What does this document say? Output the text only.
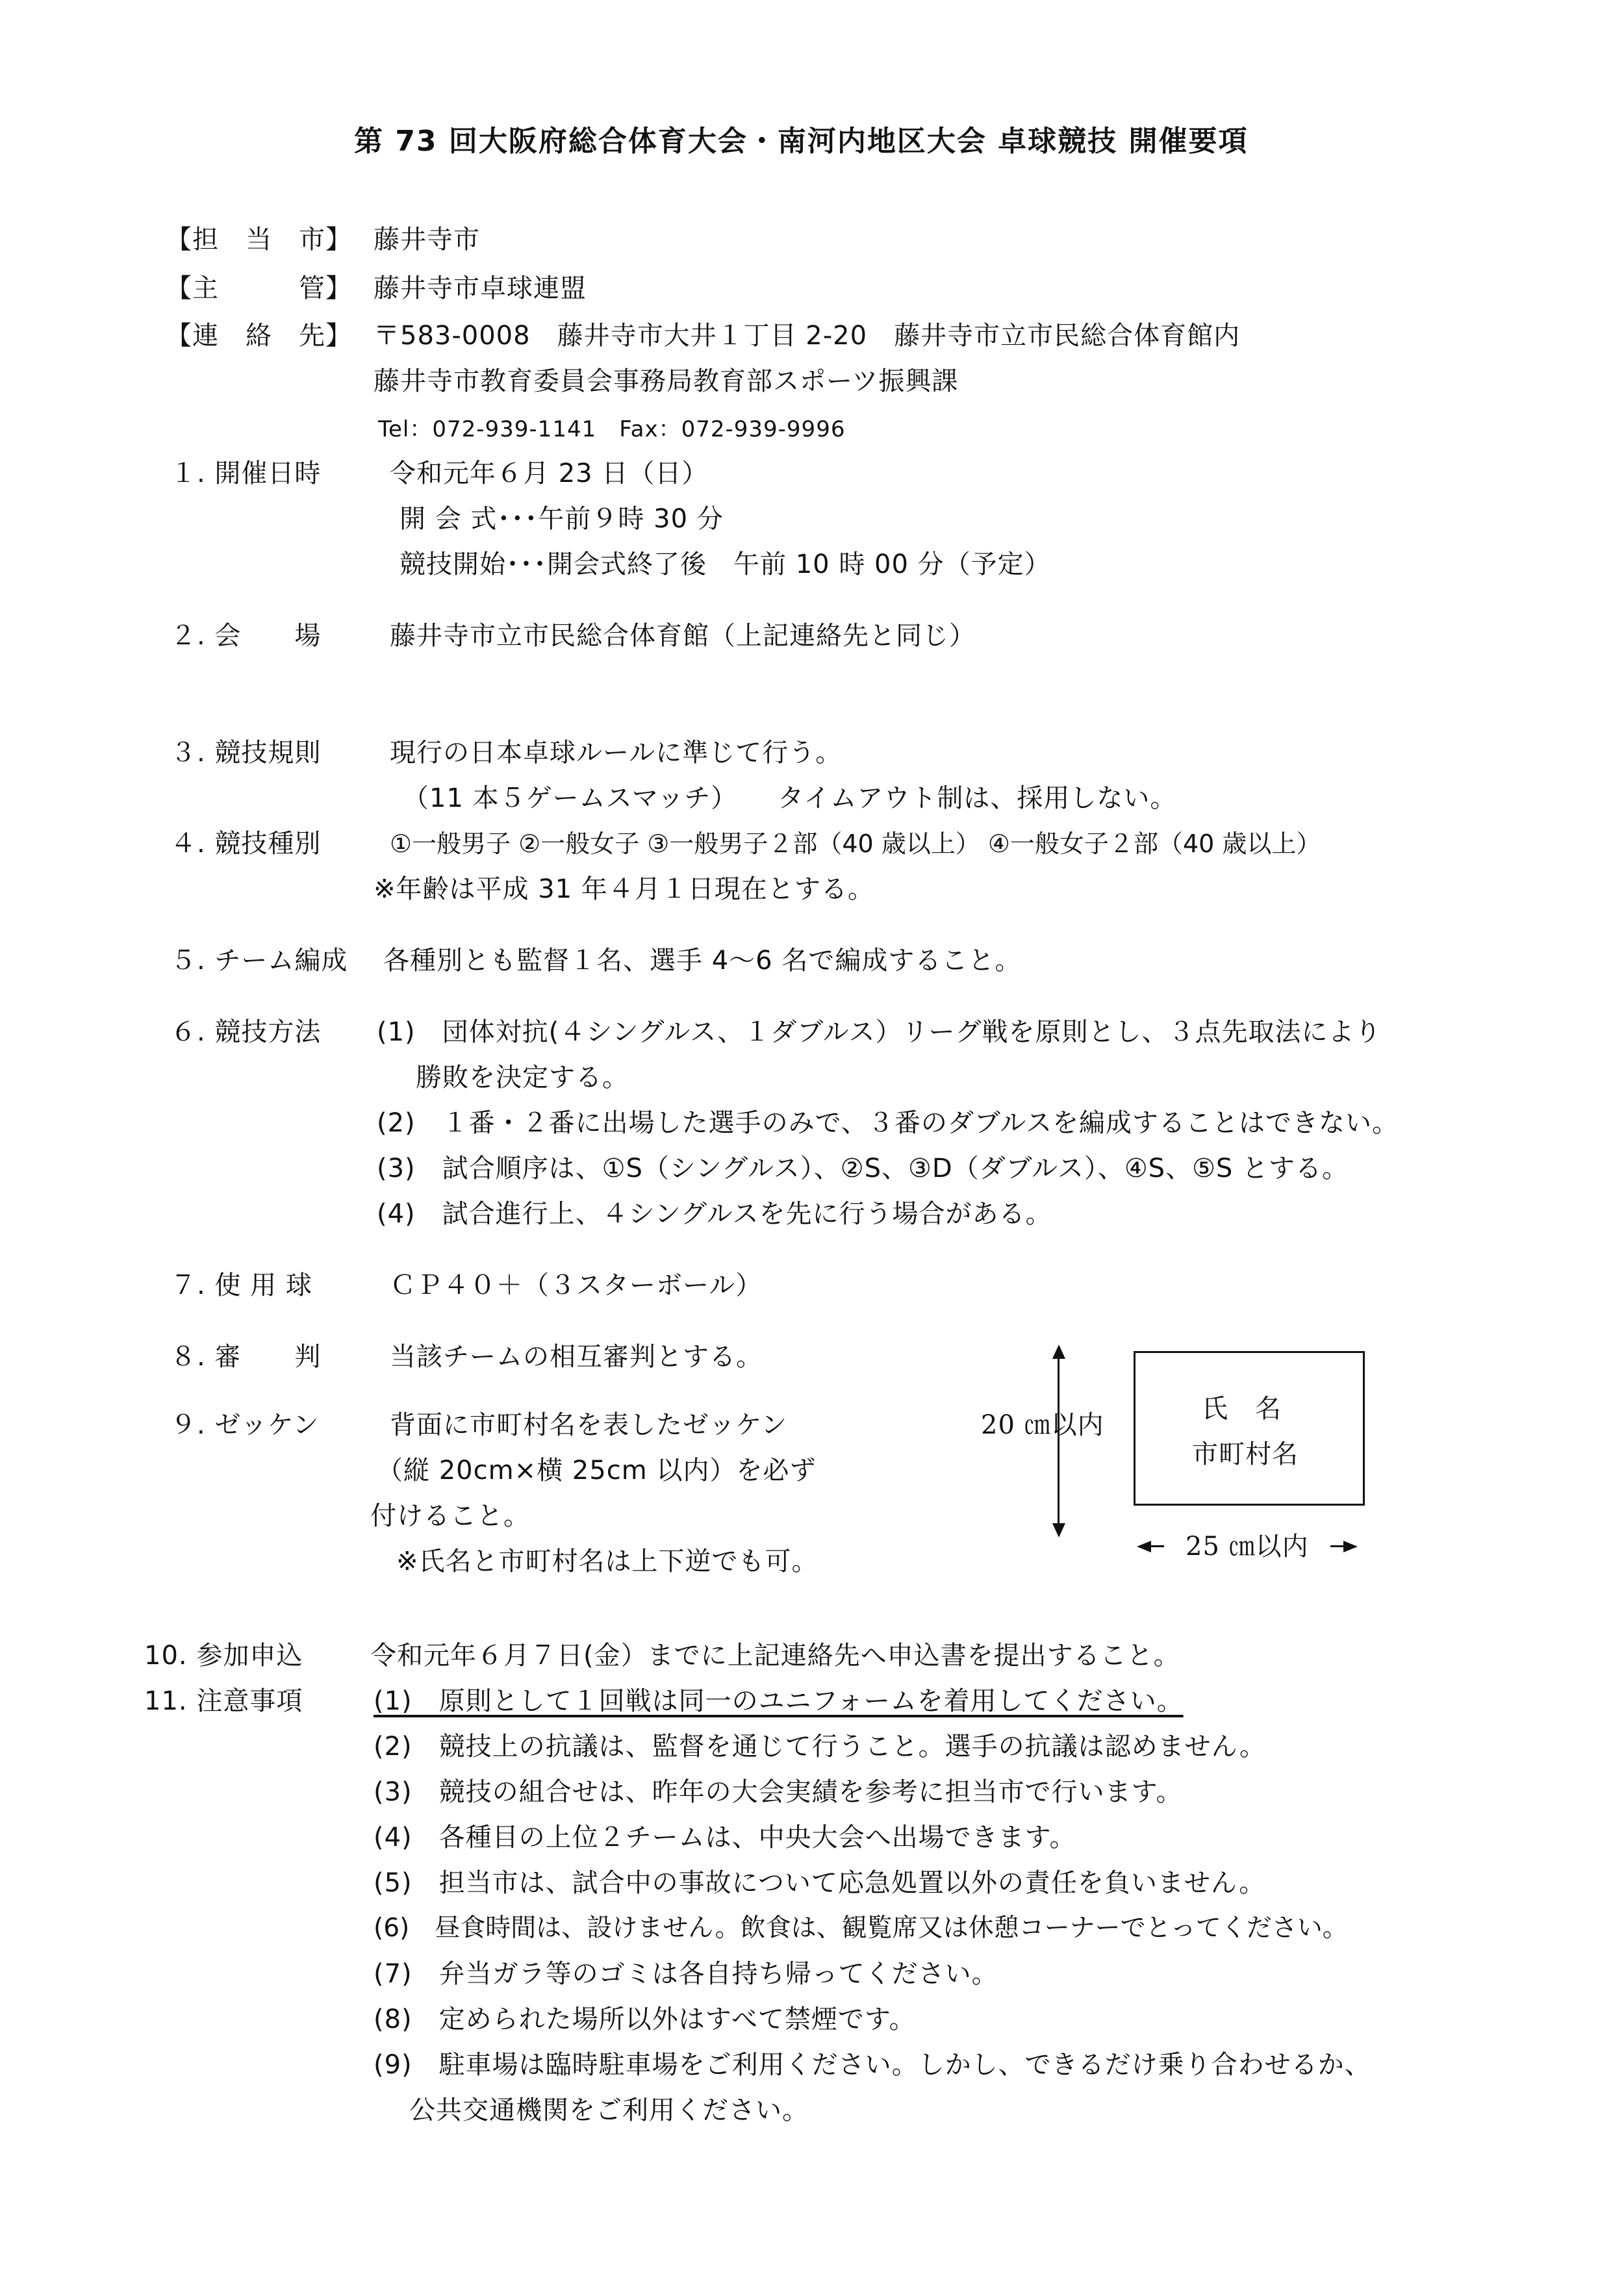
第 73 回大阪府総合体育大会・南河内地区大会 卓球競技 開催要項
【担　当　市】 藤井寺市
【主　　　管】 藤井寺市卓球連盟
【連　絡　先】 〒583-0008　藤井寺市大井１丁目 2-20　藤井寺市立市民総合体育館内
藤井寺市教育委員会事務局教育部スポーツ振興課
Tel：072-939-1141　Fax：072-939-9996
１. 開催日時	令和元年６月 23 日（日）
開 会 式･･･午前９時 30 分
競技開始･･･開会式終了後　午前 10 時 00 分（予定）
２. 会　　場	藤井寺市立市民総合体育館（上記連絡先と同じ）
３. 競技規則	現行の日本卓球ルールに準じて行う。
（11 本５ゲームスマッチ）　　タイムアウト制は、採用しない。
４. 競技種別	①一般男子 ②一般女子 ③一般男子２部（40 歳以上） ④一般女子２部（40 歳以上）
※年齢は平成 31 年４月１日現在とする。
５. チーム編成 各種別とも監督１名、選手 4～6 名で編成すること。
６. 競技方法 (1)　団体対抗(４シングルス、１ダブルス）リーグ戦を原則とし、３点先取法により
勝敗を決定する。
(2)　１番・２番に出場した選手のみで、３番のダブルスを編成することはできない。
(3)　試合順序は、①S（シングルス）、②S、③D（ダブルス）、④S、⑤S とする。
(4)　試合進行上、４シングルスを先に行う場合がある。
７. 使 用 球	ＣＰ４０＋（３スターボール）
８. 審　　判	当該チームの相互審判とする。
９. ゼッケン	背面に市町村名を表したゼッケン
（縦 20cm×横 25cm 以内）を必ず
付けること。
※氏名と市町村名は上下逆でも可。
20 ㎝以内
氏　名
市町村名
25 ㎝以内
10. 参加申込	令和元年６月７日(金）までに上記連絡先へ申込書を提出すること。
11. 注意事項	(1)　原則として１回戦は同一のユニフォームを着用してください。
(2)　競技上の抗議は、監督を通じて行うこと。選手の抗議は認めません。
(3)　競技の組合せは、昨年の大会実績を参考に担当市で行います。
(4)　各種目の上位２チームは、中央大会へ出場できます。
(5)　担当市は、試合中の事故について応急処置以外の責任を負いません。
(6)　昼食時間は、設けません。飲食は、観覧席又は休憩コーナーでとってください。
(7)　弁当ガラ等のゴミは各自持ち帰ってください。
(8)　定められた場所以外はすべて禁煙です。
(9)　駐車場は臨時駐車場をご利用ください。しかし、できるだけ乗り合わせるか、
公共交通機関をご利用ください。
